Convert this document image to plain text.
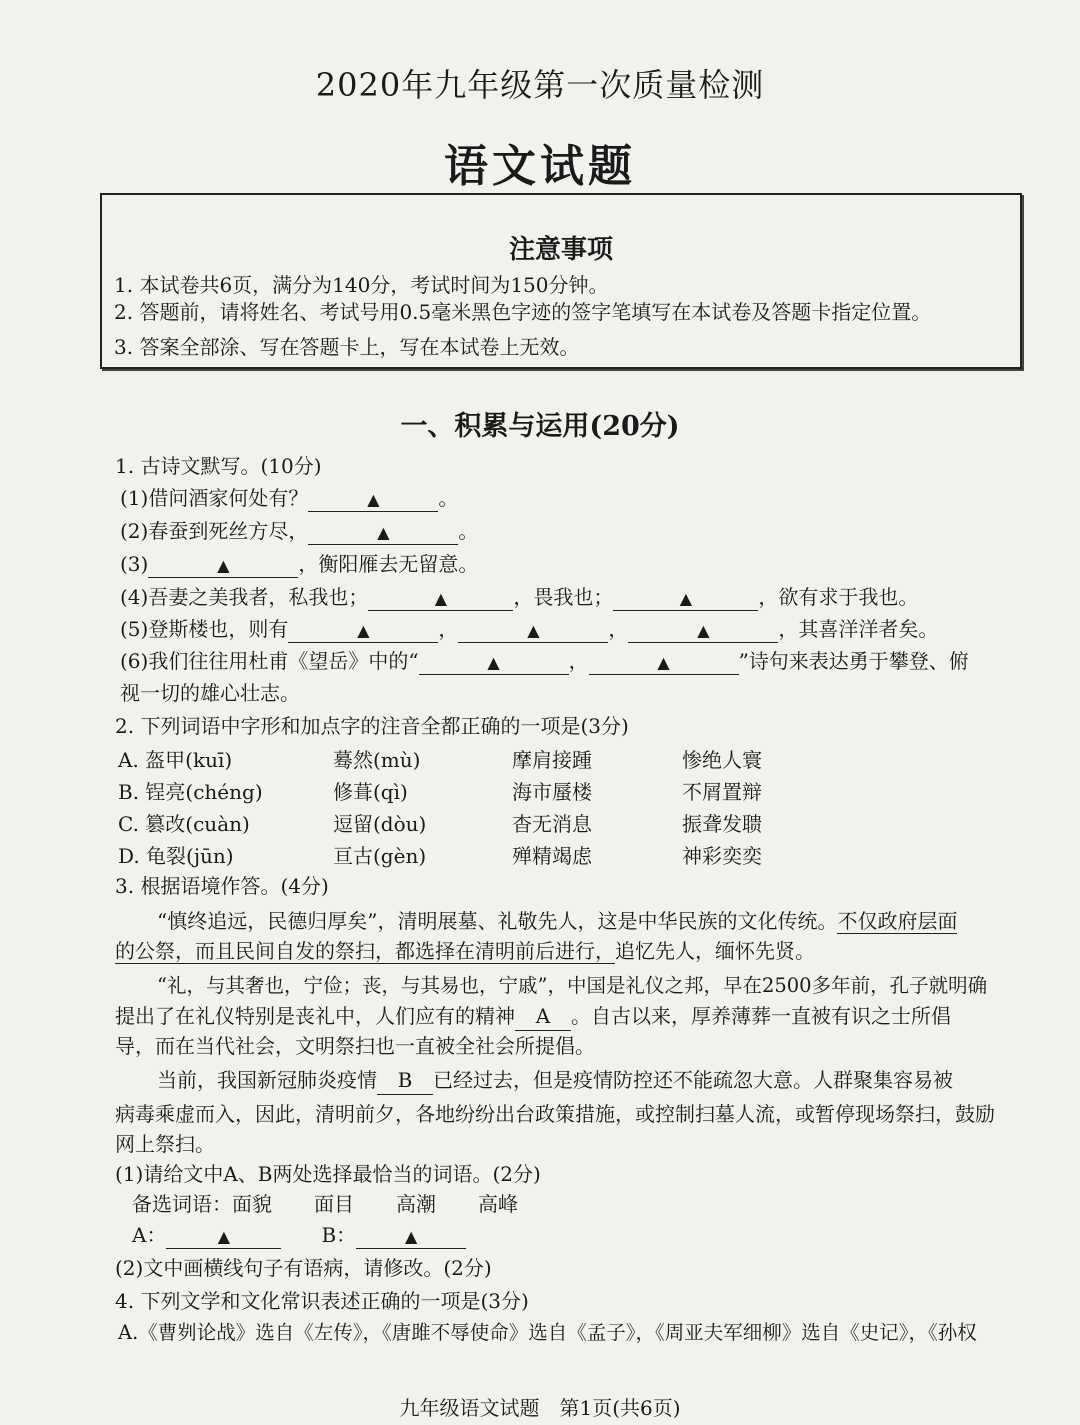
2020年九年级第一次质量检测
语文试题
注意事项
1. 本试卷共6页，满分为140分，考试时间为150分钟。
2. 答题前，请将姓名、考试号用0.5毫米黑色字迹的签字笔填写在本试卷及答题卡指定位置。
3. 答案全部涂、写在答题卡上，写在本试卷上无效。
一、积累与运用(20分)
1. 古诗文默写。(10分)
(1)借问酒家何处有？	▲	。
(2)春蚕到死丝方尽，	▲	。
(3)	▲	，衡阳雁去无留意。
(4)吾妻之美我者，私我也；	▲	，畏我也；	▲	，欲有求于我也。
(5)登斯楼也，则有	▲	，	▲	，	▲	，其喜洋洋者矣。
(6)我们往往用杜甫《望岳》中的“	▲	，	▲	”诗句来表达勇于攀登、俯
视一切的雄心壮志。
2. 下列词语中字形和加点字的注音全都正确的一项是(3分)
A. 盔甲(kuī)	蓦然(mù)	摩肩接踵	惨绝人寰
B. 锃亮(chéng)	修葺(qì)	海市蜃楼	不屑置辩
C. 篡改(cuàn)	逗留(dòu)	杳无消息	振聋发聩
D. 龟裂(jūn)	亘古(gèn)	殚精竭虑	神彩奕奕
3. 根据语境作答。(4分)
“慎终追远，民德归厚矣”，清明展墓、礼敬先人，这是中华民族的文化传统。不仅政府层面
的公祭，而且民间自发的祭扫，都选择在清明前后进行，追忆先人，缅怀先贤。
“礼，与其奢也，宁俭；丧，与其易也，宁戚”，中国是礼仪之邦，早在2500多年前，孔子就明确
提出了在礼仪特别是丧礼中，人们应有的精神 A 。自古以来，厚养薄葬一直被有识之士所倡
导，而在当代社会，文明祭扫也一直被全社会所提倡。
当前，我国新冠肺炎疫情 B 已经过去，但是疫情防控还不能疏忽大意。人群聚集容易被
病毒乘虚而入，因此，清明前夕，各地纷纷出台政策措施，或控制扫墓人流，或暂停现场祭扫，鼓励
网上祭扫。
(1)请给文中A、B两处选择最恰当的词语。(2分)
备选词语：面貌 面目 高潮 高峰
A：	▲	B：	▲
(2)文中画横线句子有语病，请修改。(2分)
4. 下列文学和文化常识表述正确的一项是(3分)
A.《曹刿论战》选自《左传》，《唐雎不辱使命》选自《孟子》，《周亚夫军细柳》选自《史记》，《孙权
九年级语文试题　第1页(共6页)
